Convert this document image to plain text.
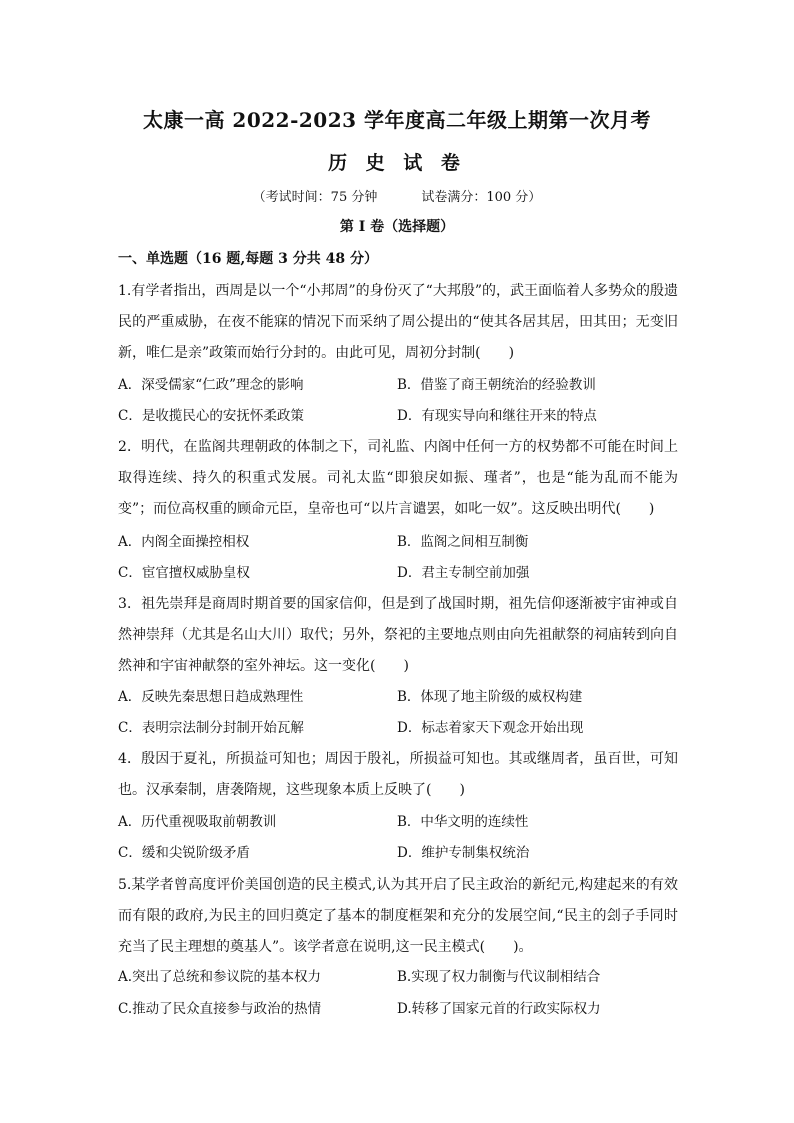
太康一高 2022-2023 学年度高二年级上期第一次月考
历 史 试 卷
（考试时间：75 分钟	试卷满分：100 分）
第 I 卷（选择题）
一、单选题（16 题,每题 3 分共 48 分）
1.有学者指出，西周是以一个“小邦周”的身份灭了“大邦殷”的，武王面临着人多势众的殷遗民的严重威胁，在夜不能寐的情况下而采纳了周公提出的“使其各居其居，田其田；无变旧新，唯仁是亲”政策而始行分封的。由此可见，周初分封制(　　)
A．深受儒家“仁政”理念的影响	B．借鉴了商王朝统治的经验教训
C．是收揽民心的安抚怀柔政策	D．有现实导向和继往开来的特点
2．明代，在监阁共理朝政的体制之下，司礼监、内阁中任何一方的权势都不可能在时间上取得连续、持久的积重式发展。司礼太监“即狼戾如振、瑾者”，也是“能为乱而不能为变”；而位高权重的顾命元臣，皇帝也可“以片言谴罢，如叱一奴”。这反映出明代(　　)
A．内阁全面操控相权	B．监阁之间相互制衡
C．宦官擅权威胁皇权	D．君主专制空前加强
3．祖先崇拜是商周时期首要的国家信仰，但是到了战国时期，祖先信仰逐渐被宇宙神或自然神崇拜（尤其是名山大川）取代；另外，祭祀的主要地点则由向先祖献祭的祠庙转到向自然神和宇宙神献祭的室外神坛。这一变化(　　)
A．反映先秦思想日趋成熟理性	B．体现了地主阶级的威权构建
C．表明宗法制分封制开始瓦解	D．标志着家天下观念开始出现
4．殷因于夏礼，所损益可知也；周因于殷礼，所损益可知也。其或继周者，虽百世，可知也。汉承秦制，唐袭隋规，这些现象本质上反映了(　　)
A．历代重视吸取前朝教训	B．中华文明的连续性
C．缓和尖锐阶级矛盾	D．维护专制集权统治
5.某学者曾高度评价美国创造的民主模式,认为其开启了民主政治的新纪元,构建起来的有效而有限的政府,为民主的回归奠定了基本的制度框架和充分的发展空间,“民主的刽子手同时充当了民主理想的奠基人”。该学者意在说明,这一民主模式(　　)。
A.突出了总统和参议院的基本权力	B.实现了权力制衡与代议制相结合
C.推动了民众直接参与政治的热情	D.转移了国家元首的行政实际权力
